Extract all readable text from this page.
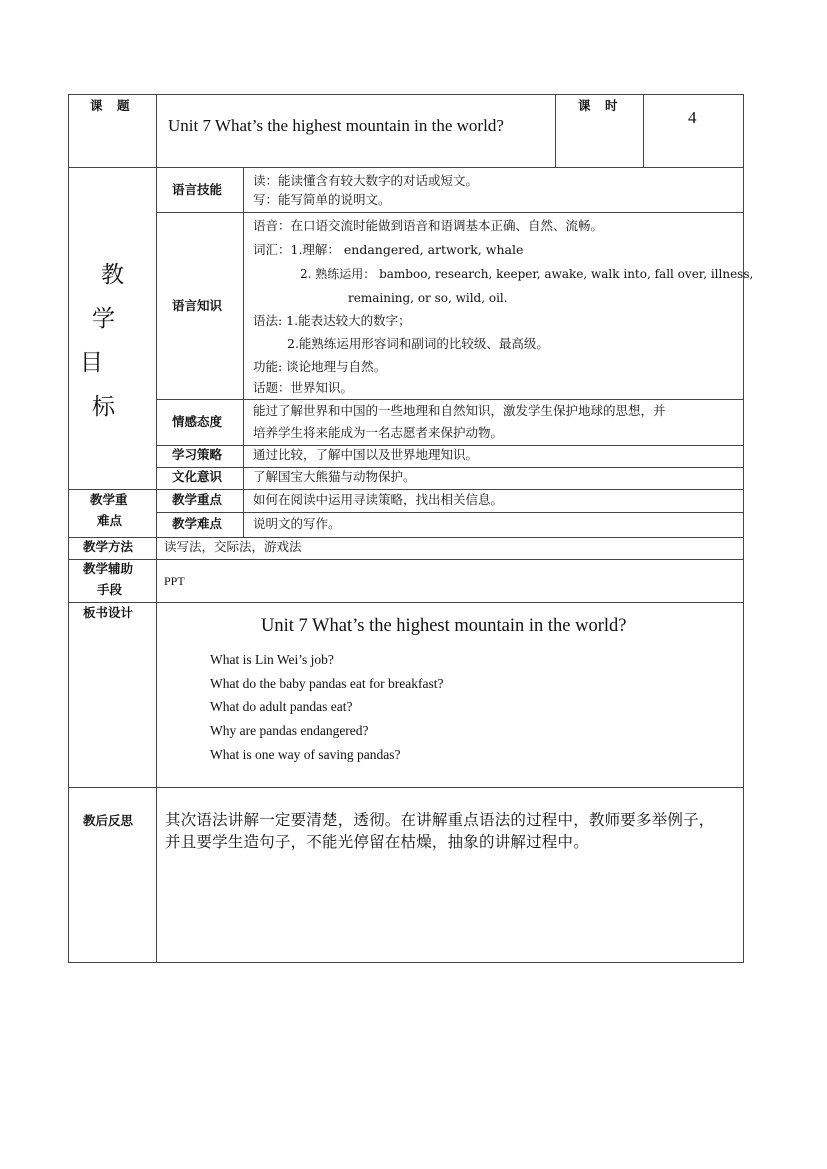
课　题
Unit 7 What’s the highest mountain in the world?
课　时
4
教
学
目
标
语言技能
读：能读懂含有较大数字的对话或短文。
写：能写简单的说明文。
语言知识
语音：在口语交流时能做到语音和语调基本正确、自然、流畅。
词汇：1.理解： endangered, artwork, whale
2. 熟练运用： bamboo, research, keeper, awake, walk into, fall over, illness,
remaining, or so, wild, oil.
语法: 1.能表达较大的数字；
2.能熟练运用形容词和副词的比较级、最高级。
功能: 谈论地理与自然。
话题：世界知识。
情感态度
能过了解世界和中国的一些地理和自然知识，激发学生保护地球的思想，并
培养学生将来能成为一名志愿者来保护动物。
学习策略 通过比较，了解中国以及世界地理知识。
文化意识 了解国宝大熊猫与动物保护。
教学重
难点
教学重点 如何在阅读中运用寻读策略，找出相关信息。
教学难点 说明文的写作。
教学方法 读写法，交际法，游戏法
教学辅助
手段
PPT
板书设计
Unit 7 What’s the highest mountain in the world?
What is Lin Wei’s job?
What do the baby pandas eat for breakfast?
What do adult pandas eat?
Why are pandas endangered?
What is one way of saving pandas?
教后反思 其次语法讲解一定要清楚，透彻。在讲解重点语法的过程中，教师要多举例子，
并且要学生造句子，不能光停留在枯燥，抽象的讲解过程中。
